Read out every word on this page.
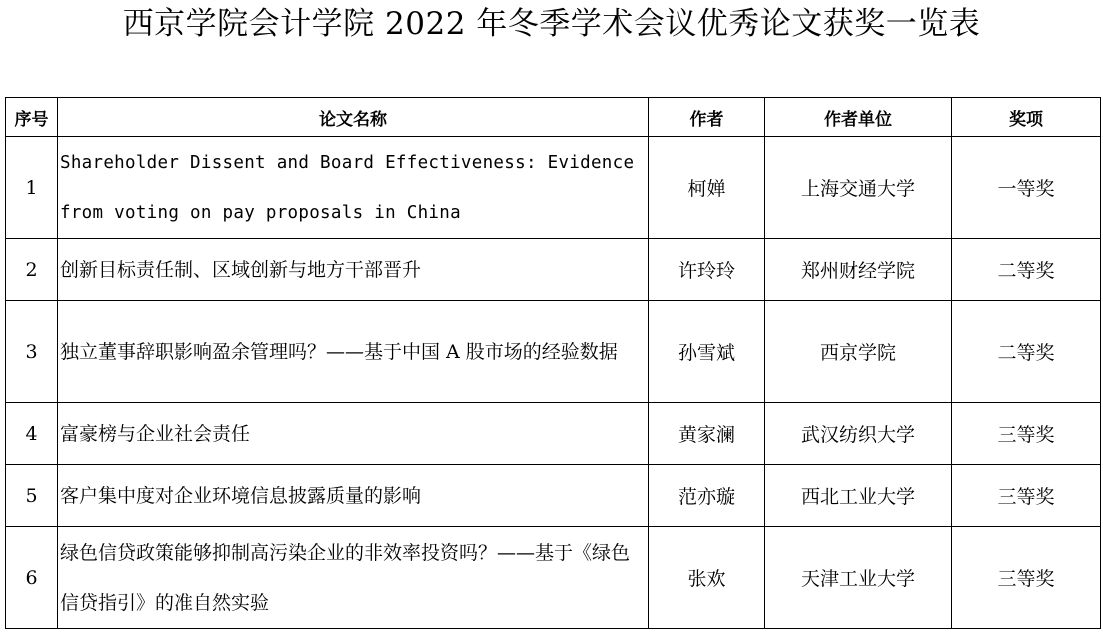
西京学院会计学院 2022 年冬季学术会议优秀论文获奖一览表
序号	论文名称	作者	作者单位	奖项
1	Shareholder Dissent and Board Effectiveness: Evidence from voting on pay proposals in China	柯婵	上海交通大学	一等奖
2	创新目标责任制、区域创新与地方干部晋升	许玲玲	郑州财经学院	二等奖
3	独立董事辞职影响盈余管理吗？——基于中国 A 股市场的经验数据	孙雪斌	西京学院	二等奖
4	富豪榜与企业社会责任	黄家澜	武汉纺织大学	三等奖
5	客户集中度对企业环境信息披露质量的影响	范亦璇	西北工业大学	三等奖
6	绿色信贷政策能够抑制高污染企业的非效率投资吗？——基于《绿色信贷指引》的准自然实验	张欢	天津工业大学	三等奖
